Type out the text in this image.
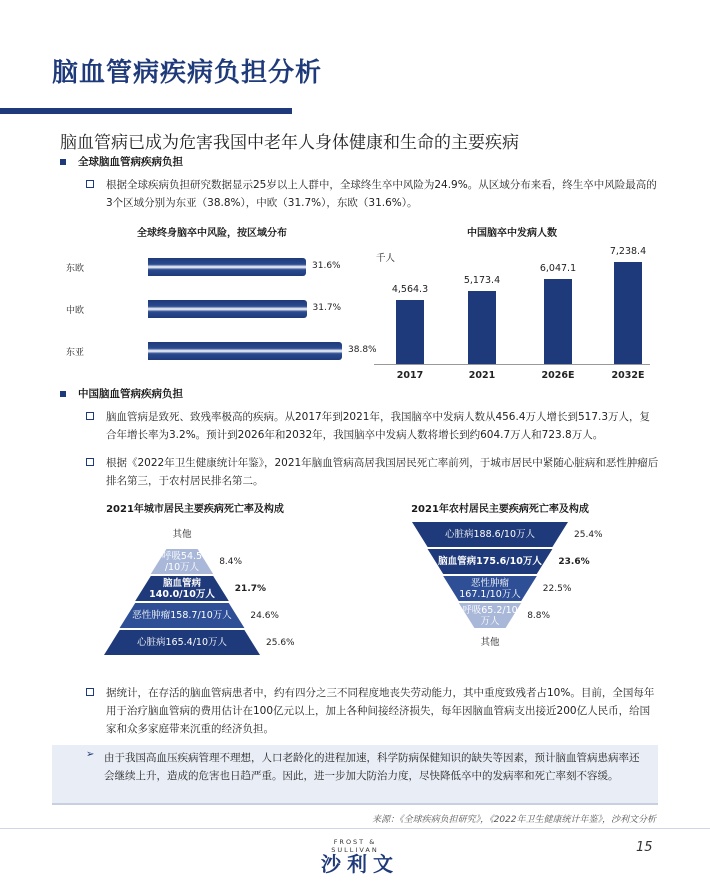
脑血管病疾病负担分析
脑血管病已成为危害我国中老年人身体健康和生命的主要疾病
全球脑血管病疾病负担
根据全球疾病负担研究数据显示25岁以上人群中，全球终生卒中风险为24.9%。从区域分布来看，终生卒中风险最高的3个区域分别为东亚（38.8%），中欧（31.7%），东欧（31.6%）。
全球终身脑卒中风险，按区域分布
东欧	31.6%
中欧	31.7%
东亚	38.8%
中国脑卒中发病人数
千人
4,564.3
2017
5,173.4
2021
6,047.1
2026E
7,238.4
2032E
中国脑血管病疾病负担
脑血管病是致死、致残率极高的疾病。从2017年到2021年，我国脑卒中发病人数从456.4万人增长到517.3万人，复合年增长率为3.2%。预计到2026年和2032年，我国脑卒中发病人数将增长到约604.7万人和723.8万人。
根据《2022年卫生健康统计年鉴》，2021年脑血管病高居我国居民死亡率前列，于城市居民中紧随心脏病和恶性肿瘤后排名第三，于农村居民排名第二。
2021年城市居民主要疾病死亡率及构成
其他
呼吸54.5
/10万人	8.4%
脑血管病
140.0/10万人	21.7%
恶性肿瘤158.7/10万人	24.6%
心脏病165.4/10万人	25.6%
2021年农村居民主要疾病死亡率及构成
心脏病188.6/10万人	25.4%
脑血管病175.6/10万人	23.6%
恶性肿瘤
167.1/10万人	22.5%
呼吸65.2/10
万人	8.8%
其他
据统计，在存活的脑血管病患者中，约有四分之三不同程度地丧失劳动能力，其中重度致残者占10%。目前，全国每年用于治疗脑血管病的费用估计在100亿元以上，加上各种间接经济损失，每年因脑血管病支出接近200亿人民币，给国家和众多家庭带来沉重的经济负担。
➢ 由于我国高血压疾病管理不理想，人口老龄化的进程加速，科学防病保健知识的缺失等因素，预计脑血管病患病率还会继续上升，造成的危害也日趋严重。因此，进一步加大防治力度，尽快降低卒中的发病率和死亡率刻不容缓。
来源：《全球疾病负担研究》，《2022年卫生健康统计年鉴》，沙利文分析
FROST & SULLIVAN
沙利文
15
